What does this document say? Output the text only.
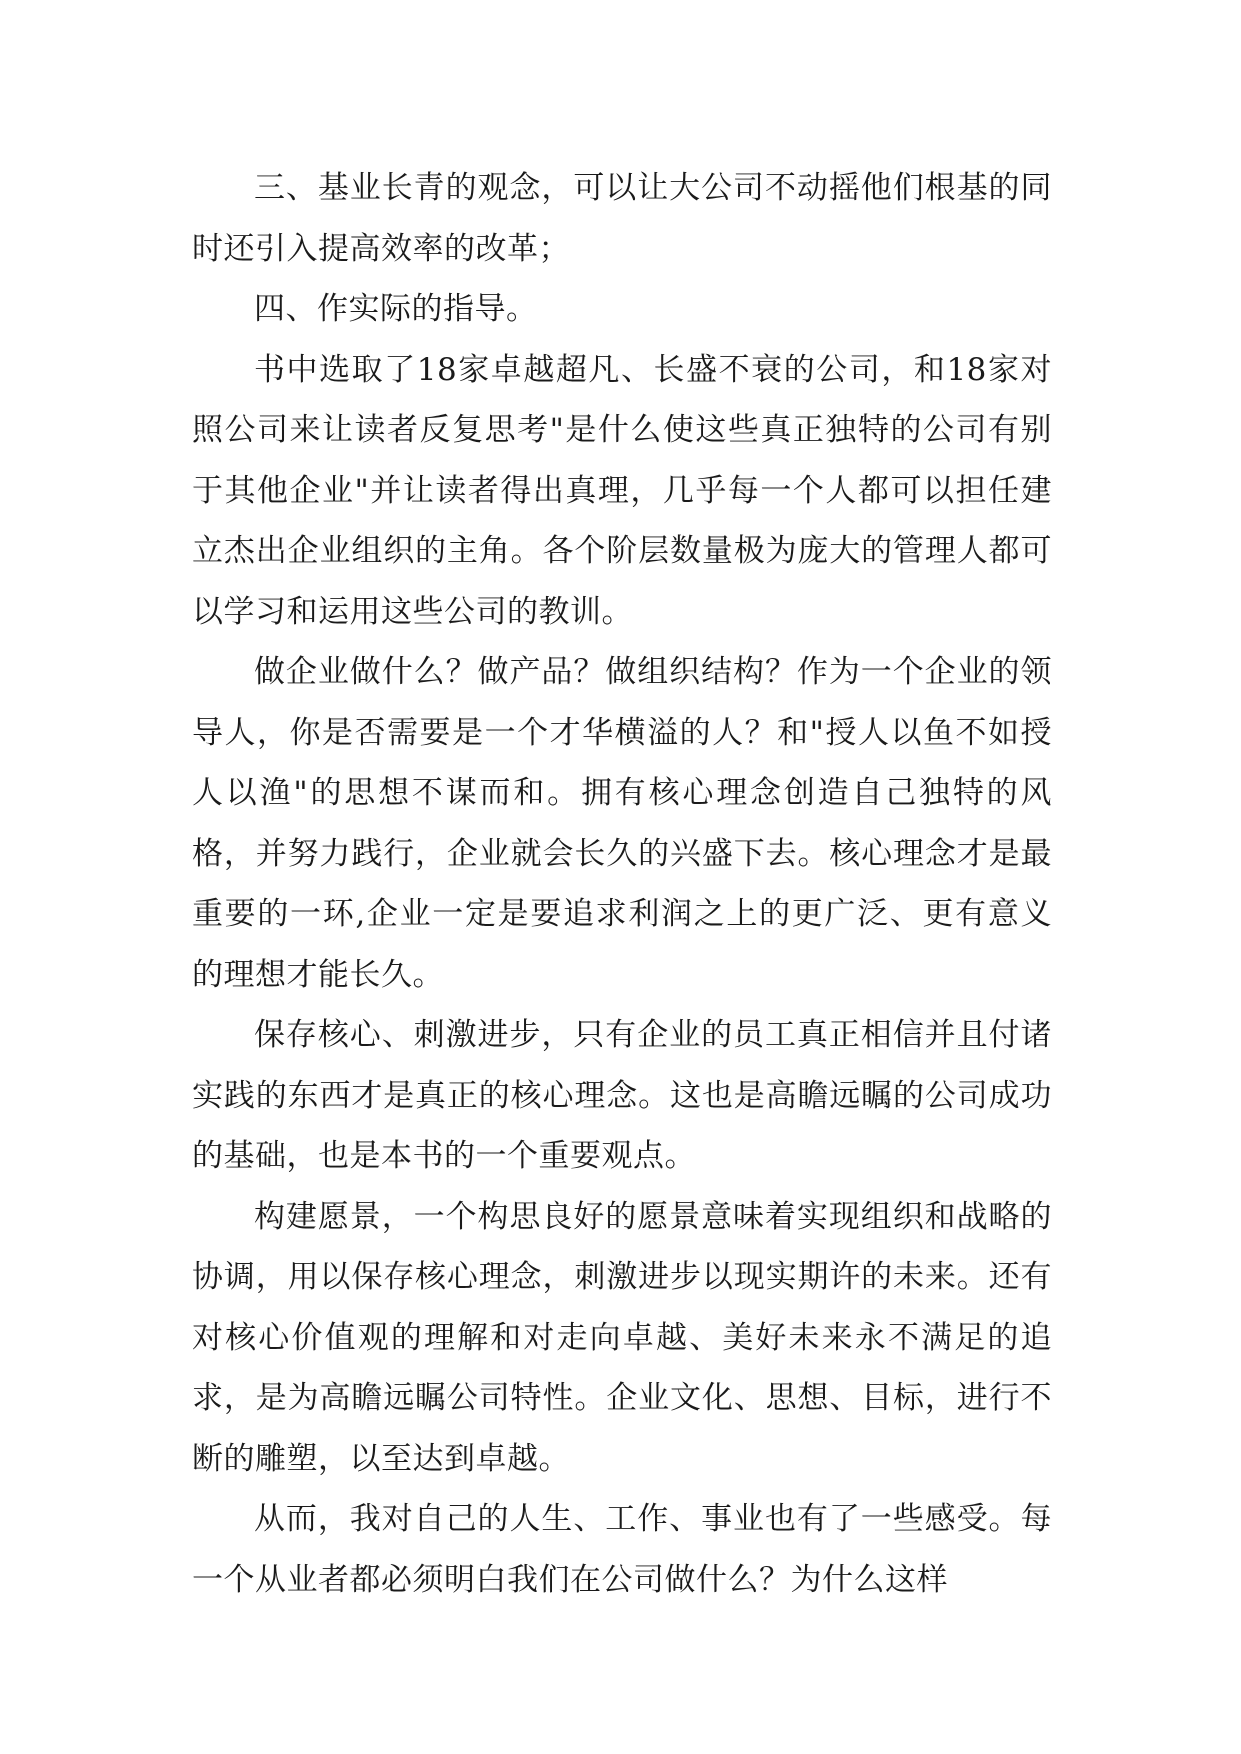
三、基业长青的观念，可以让大公司不动摇他们根基的同时还引入提高效率的改革；

四、作实际的指导。

书中选取了18家卓越超凡、长盛不衰的公司，和18家对照公司来让读者反复思考"是什么使这些真正独特的公司有别于其他企业"并让读者得出真理，几乎每一个人都可以担任建立杰出企业组织的主角。各个阶层数量极为庞大的管理人都可以学习和运用这些公司的教训。

做企业做什么？做产品？做组织结构？作为一个企业的领导人，你是否需要是一个才华横溢的人？和"授人以鱼不如授人以渔"的思想不谋而和。拥有核心理念创造自己独特的风格，并努力践行，企业就会长久的兴盛下去。核心理念才是最重要的一环,企业一定是要追求利润之上的更广泛、更有意义的理想才能长久。

保存核心、刺激进步，只有企业的员工真正相信并且付诸实践的东西才是真正的核心理念。这也是高瞻远瞩的公司成功的基础，也是本书的一个重要观点。

构建愿景，一个构思良好的愿景意味着实现组织和战略的协调，用以保存核心理念，刺激进步以现实期许的未来。还有对核心价值观的理解和对走向卓越、美好未来永不满足的追求，是为高瞻远瞩公司特性。企业文化、思想、目标，进行不断的雕塑，以至达到卓越。

从而，我对自己的人生、工作、事业也有了一些感受。每一个从业者都必须明白我们在公司做什么？为什么这样
